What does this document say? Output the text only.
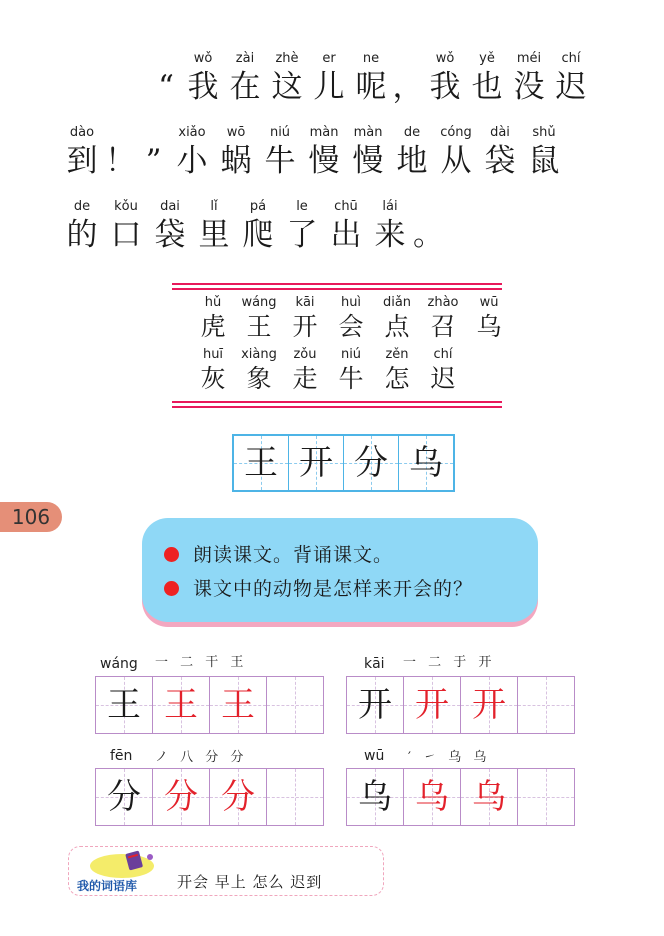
“
wǒ
我
zài
在
zhè
这
er
儿
ne
呢 ，
wǒ
我
yě
也
méi
没
chí
迟
dào
到 ！ ”
xiǎo
小
wō
蜗
niú
牛
màn
慢
màn
慢
de
地
cóng
从
dài
袋
shǔ
鼠
de
的
kǒu
口
dai
袋
lǐ
里
pá
爬
le
了
chū
出
lái
来 。
hǔ
虎
wáng
王
kāi
开
huì
会
diǎn
点
zhào
召
wū
乌
huī
灰
xiàng
象
zǒu
走
niú
牛
zěn
怎
chí
迟
王 开 分 乌
106
朗读课文。背诵课文。
课文中的动物是怎样来开会的？
wáng 一 二 干 王
王 王 王
kāi 一 二 于 开
开 开 开
fēn ノ 八 分 分
分 分 分
wū ′ ㇀ 乌 乌
乌 乌 乌
我的词语库	开会 早上 怎么 迟到
